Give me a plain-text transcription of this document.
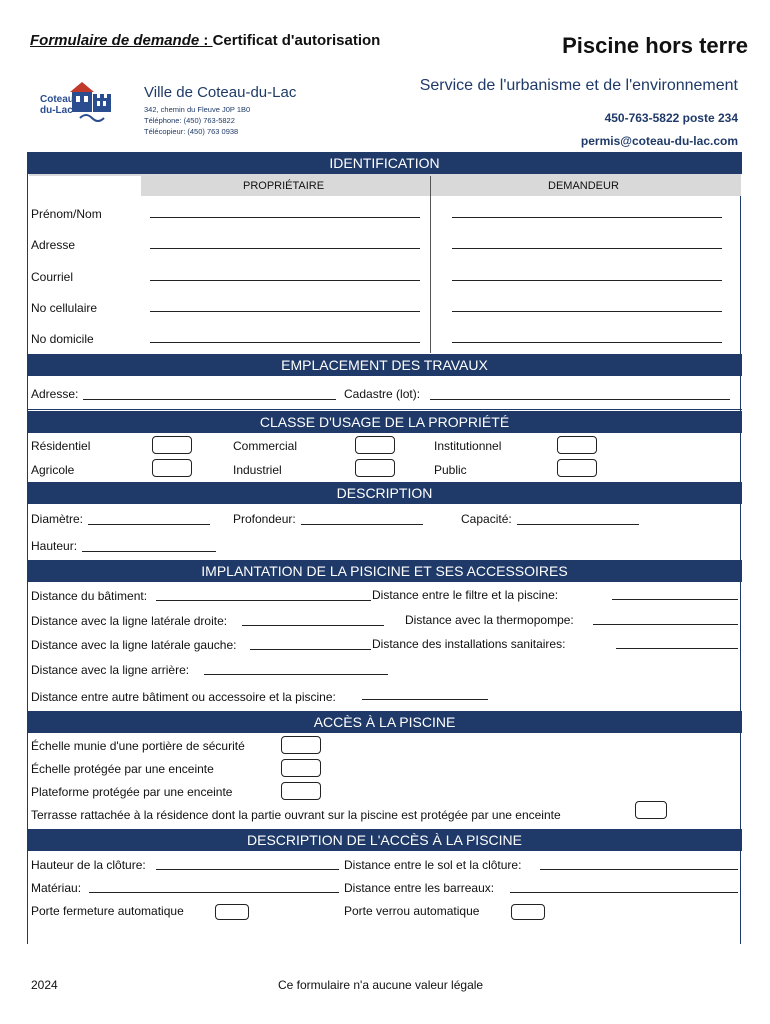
Formulaire de demande : Certificat d'autorisation	Piscine hors terre
Coteau
du-Lac
Ville de Coteau-du-Lac
342, chemin du Fleuve J0P 1B0
Téléphone: (450) 763-5822
Télécopieur: (450) 763 0938
Service de l'urbanisme et de l'environnement
450-763-5822 poste 234
permis@coteau-du-lac.com
IDENTIFICATION
PROPRIÉTAIRE	DEMANDEUR
Prénom/Nom
Adresse
Courriel
No cellulaire
No domicile
EMPLACEMENT DES TRAVAUX
Adresse:	Cadastre (lot):
CLASSE D'USAGE DE LA PROPRIÉTÉ
Résidentiel	Commercial	Institutionnel
Agricole	Industriel	Public
DESCRIPTION
Diamètre:	Profondeur:	Capacité:
Hauteur:
IMPLANTATION DE LA PISICINE ET SES ACCESSOIRES
Distance du bâtiment:	Distance entre le filtre et la piscine:
Distance avec la ligne latérale droite:	Distance avec la thermopompe:
Distance avec la ligne latérale gauche:	Distance des installations sanitaires:
Distance avec la ligne arrière:
Distance entre autre bâtiment ou accessoire et la piscine:
ACCÈS À LA PISCINE
Échelle munie d'une portière de sécurité
Échelle protégée par une enceinte
Plateforme protégée par une enceinte
Terrasse rattachée à la résidence dont la partie ouvrant sur la piscine est protégée par une enceinte
DESCRIPTION DE L'ACCÈS À LA PISCINE
Hauteur de la clôture:	Distance entre le sol et la clôture:
Matériau:	Distance entre les barreaux:
Porte fermeture automatique	Porte verrou automatique
2024	Ce formulaire n'a aucune valeur légale
